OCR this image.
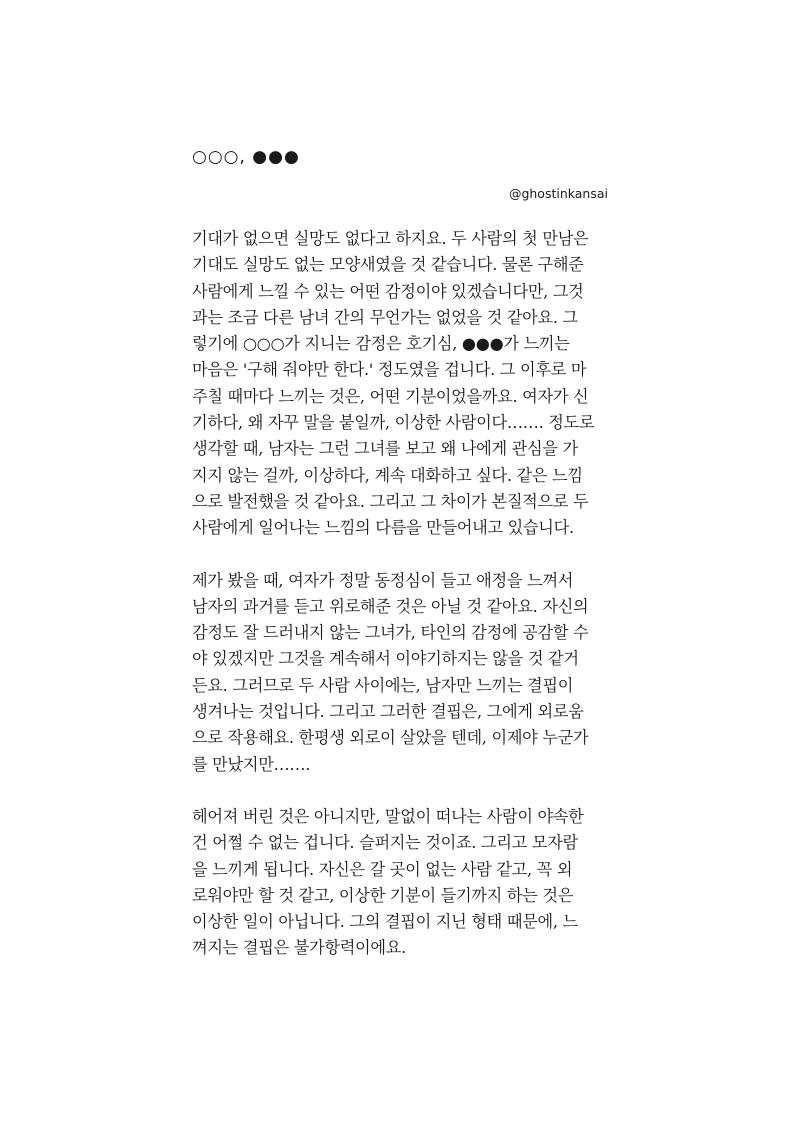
○○○, ●●●
@ghostinkansai
기대가 없으면 실망도 없다고 하지요. 두 사람의 첫 만남은
기대도 실망도 없는 모양새였을 것 같습니다. 물론 구해준
사람에게 느낄 수 있는 어떤 감정이야 있겠습니다만, 그것
과는 조금 다른 남녀 간의 무언가는 없었을 것 같아요. 그
렇기에 ○○○가 지니는 감정은 호기심, ●●●가 느끼는
마음은 '구해 줘야만 한다.' 정도였을 겁니다. 그 이후로 마
주칠 때마다 느끼는 것은, 어떤 기분이었을까요. 여자가 신
기하다, 왜 자꾸 말을 붙일까, 이상한 사람이다……. 정도로
생각할 때, 남자는 그런 그녀를 보고 왜 나에게 관심을 가
지지 않는 걸까, 이상하다, 계속 대화하고 싶다. 같은 느낌
으로 발전했을 것 같아요. 그리고 그 차이가 본질적으로 두
사람에게 일어나는 느낌의 다름을 만들어내고 있습니다.
제가 봤을 때, 여자가 정말 동정심이 들고 애정을 느껴서
남자의 과거를 듣고 위로해준 것은 아닐 것 같아요. 자신의
감정도 잘 드러내지 않는 그녀가, 타인의 감정에 공감할 수
야 있겠지만 그것을 계속해서 이야기하지는 않을 것 같거
든요. 그러므로 두 사람 사이에는, 남자만 느끼는 결핍이
생겨나는 것입니다. 그리고 그러한 결핍은, 그에게 외로움
으로 작용해요. 한평생 외로이 살았을 텐데, 이제야 누군가
를 만났지만…….
헤어져 버린 것은 아니지만, 말없이 떠나는 사람이 야속한
건 어쩔 수 없는 겁니다. 슬퍼지는 것이죠. 그리고 모자람
을 느끼게 됩니다. 자신은 갈 곳이 없는 사람 같고, 꼭 외
로워야만 할 것 같고, 이상한 기분이 들기까지 하는 것은
이상한 일이 아닙니다. 그의 결핍이 지닌 형태 때문에, 느
껴지는 결핍은 불가항력이에요.
